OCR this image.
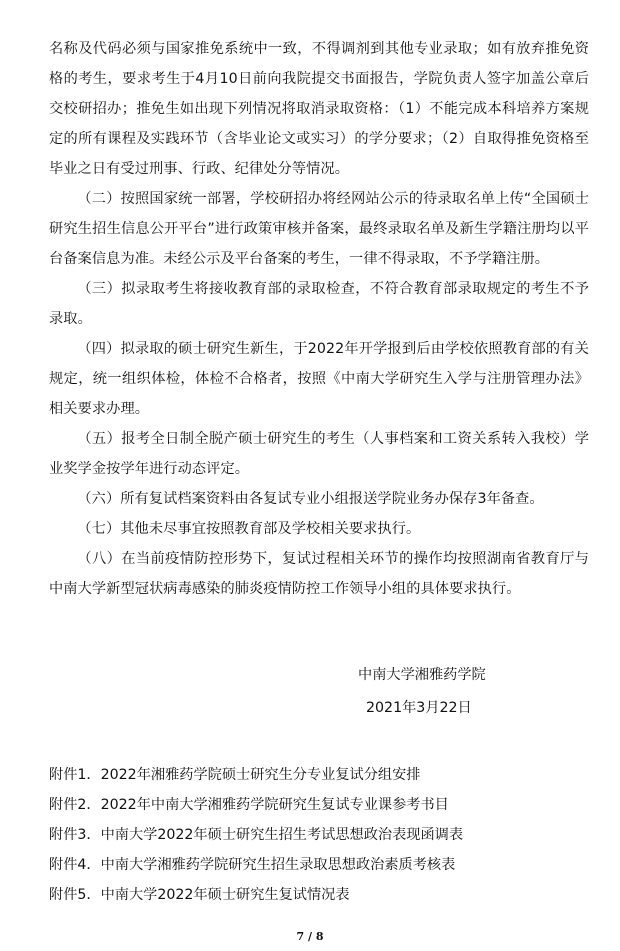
名称及代码必须与国家推免系统中一致，不得调剂到其他专业录取；如有放弃推免资格的考生，要求考生于4月10日前向我院提交书面报告，学院负责人签字加盖公章后交校研招办；推免生如出现下列情况将取消录取资格：（1）不能完成本科培养方案规定的所有课程及实践环节（含毕业论文或实习）的学分要求；（2）自取得推免资格至毕业之日有受过刑事、行政、纪律处分等情况。

（二）按照国家统一部署，学校研招办将经网站公示的待录取名单上传“全国硕士研究生招生信息公开平台”进行政策审核并备案，最终录取名单及新生学籍注册均以平台备案信息为准。未经公示及平台备案的考生，一律不得录取，不予学籍注册。

（三）拟录取考生将接收教育部的录取检查，不符合教育部录取规定的考生不予录取。

（四）拟录取的硕士研究生新生，于2022年开学报到后由学校依照教育部的有关规定，统一组织体检，体检不合格者，按照《中南大学研究生入学与注册管理办法》相关要求办理。

（五）报考全日制全脱产硕士研究生的考生（人事档案和工资关系转入我校）学业奖学金按学年进行动态评定。

（六）所有复试档案资料由各复试专业小组报送学院业务办保存3年备查。

（七）其他未尽事宜按照教育部及学校相关要求执行。

（八）在当前疫情防控形势下，复试过程相关环节的操作均按照湖南省教育厅与中南大学新型冠状病毒感染的肺炎疫情防控工作领导小组的具体要求执行。

中南大学湘雅药学院
2021年3月22日

附件1．2022年湘雅药学院硕士研究生分专业复试分组安排

附件2．2022年中南大学湘雅药学院研究生复试专业课参考书目

附件3．中南大学2022年硕士研究生招生考试思想政治表现函调表

附件4．中南大学湘雅药学院研究生招生录取思想政治素质考核表

附件5．中南大学2022年硕士研究生复试情况表

7 / 8
